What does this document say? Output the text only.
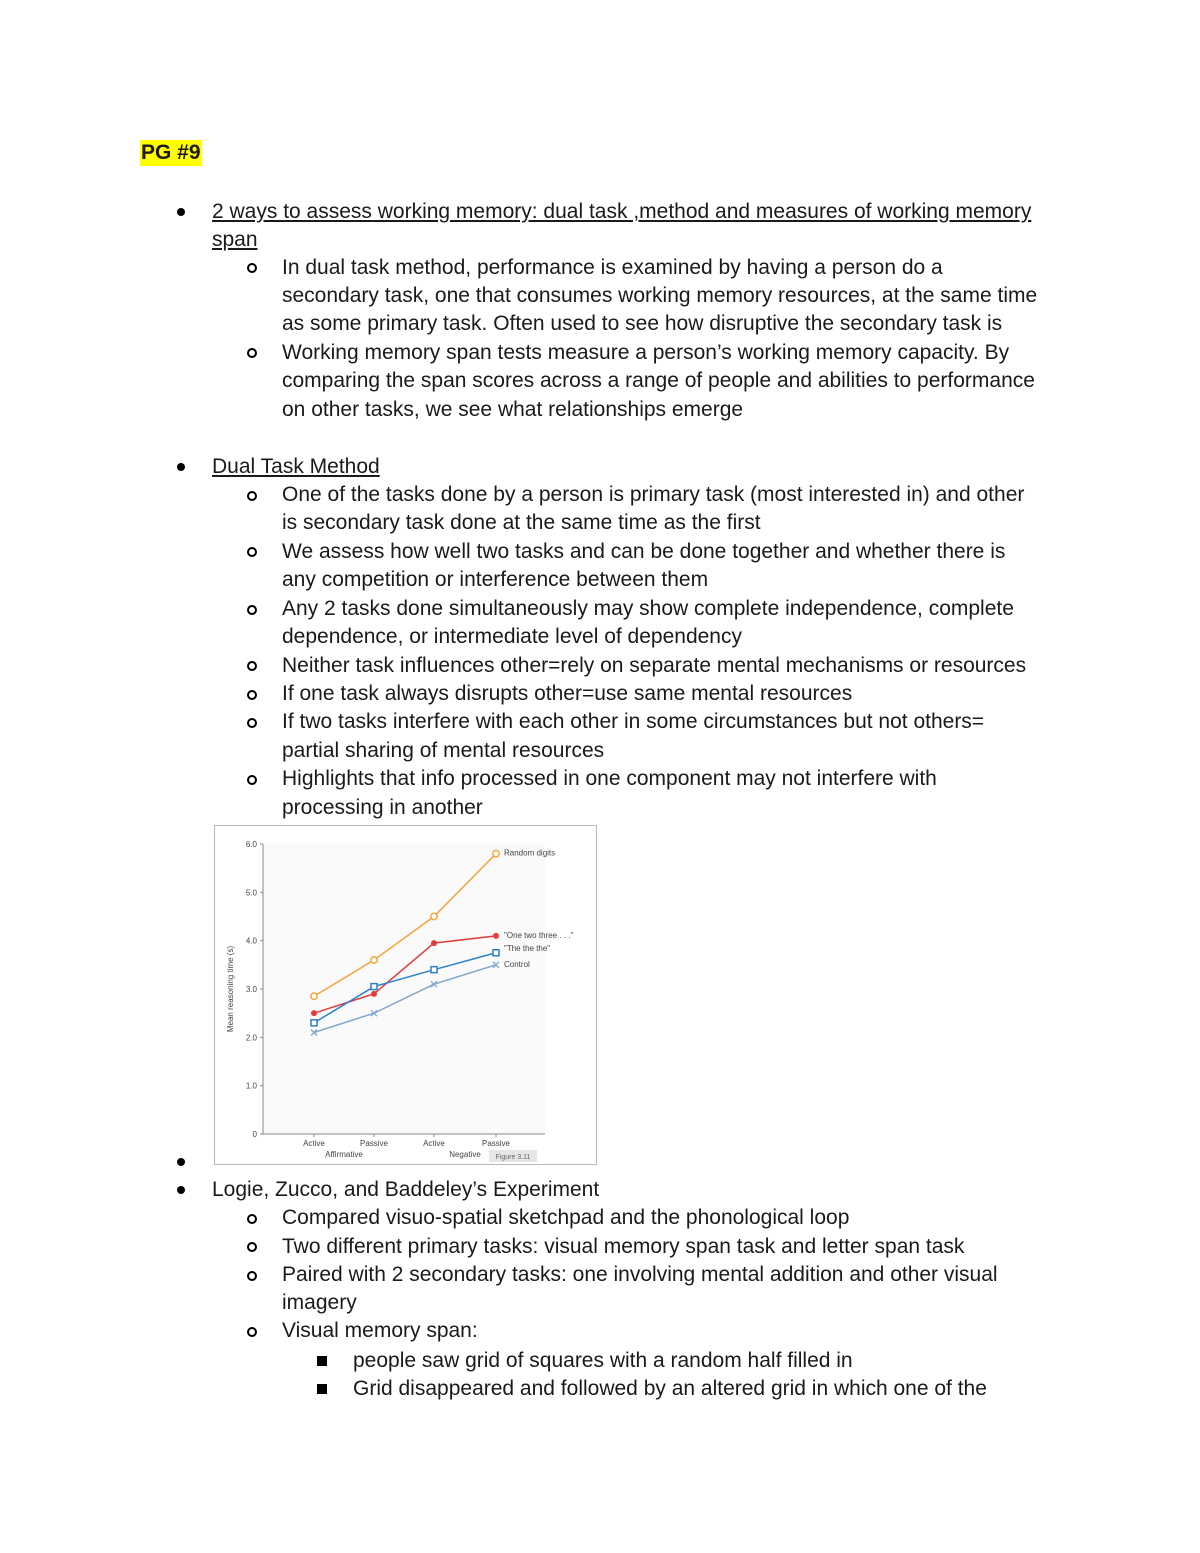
PG #9
2 ways to assess working memory: dual task ,method and measures of working memory
span
In dual task method, performance is examined by having a person do a
secondary task, one that consumes working memory resources, at the same time
as some primary task. Often used to see how disruptive the secondary task is
Working memory span tests measure a person’s working memory capacity. By
comparing the span scores across a range of people and abilities to performance
on other tasks, we see what relationships emerge
Dual Task Method
One of the tasks done by a person is primary task (most interested in) and other
is secondary task done at the same time as the first
We assess how well two tasks and can be done together and whether there is
any competition or interference between them
Any 2 tasks done simultaneously may show complete independence, complete
dependence, or intermediate level of dependency
Neither task influences other=rely on separate mental mechanisms or resources
If one task always disrupts other=use same mental resources
If two tasks interfere with each other in some circumstances but not others=
partial sharing of mental resources
Highlights that info processed in one component may not interfere with
processing in another
0
1.0
2.0
3.0
4.0
5.0
6.0
Mean reasoning time (s)
Active	Passive	Active	Passive
Affirmative	Negative Figure 3.11
Random digits
"One two three . . ."
"The the the"
Control
Logie, Zucco, and Baddeley’s Experiment
Compared visuo-spatial sketchpad and the phonological loop
Two different primary tasks: visual memory span task and letter span task
Paired with 2 secondary tasks: one involving mental addition and other visual
imagery
Visual memory span:
people saw grid of squares with a random half filled in
Grid disappeared and followed by an altered grid in which one of the
